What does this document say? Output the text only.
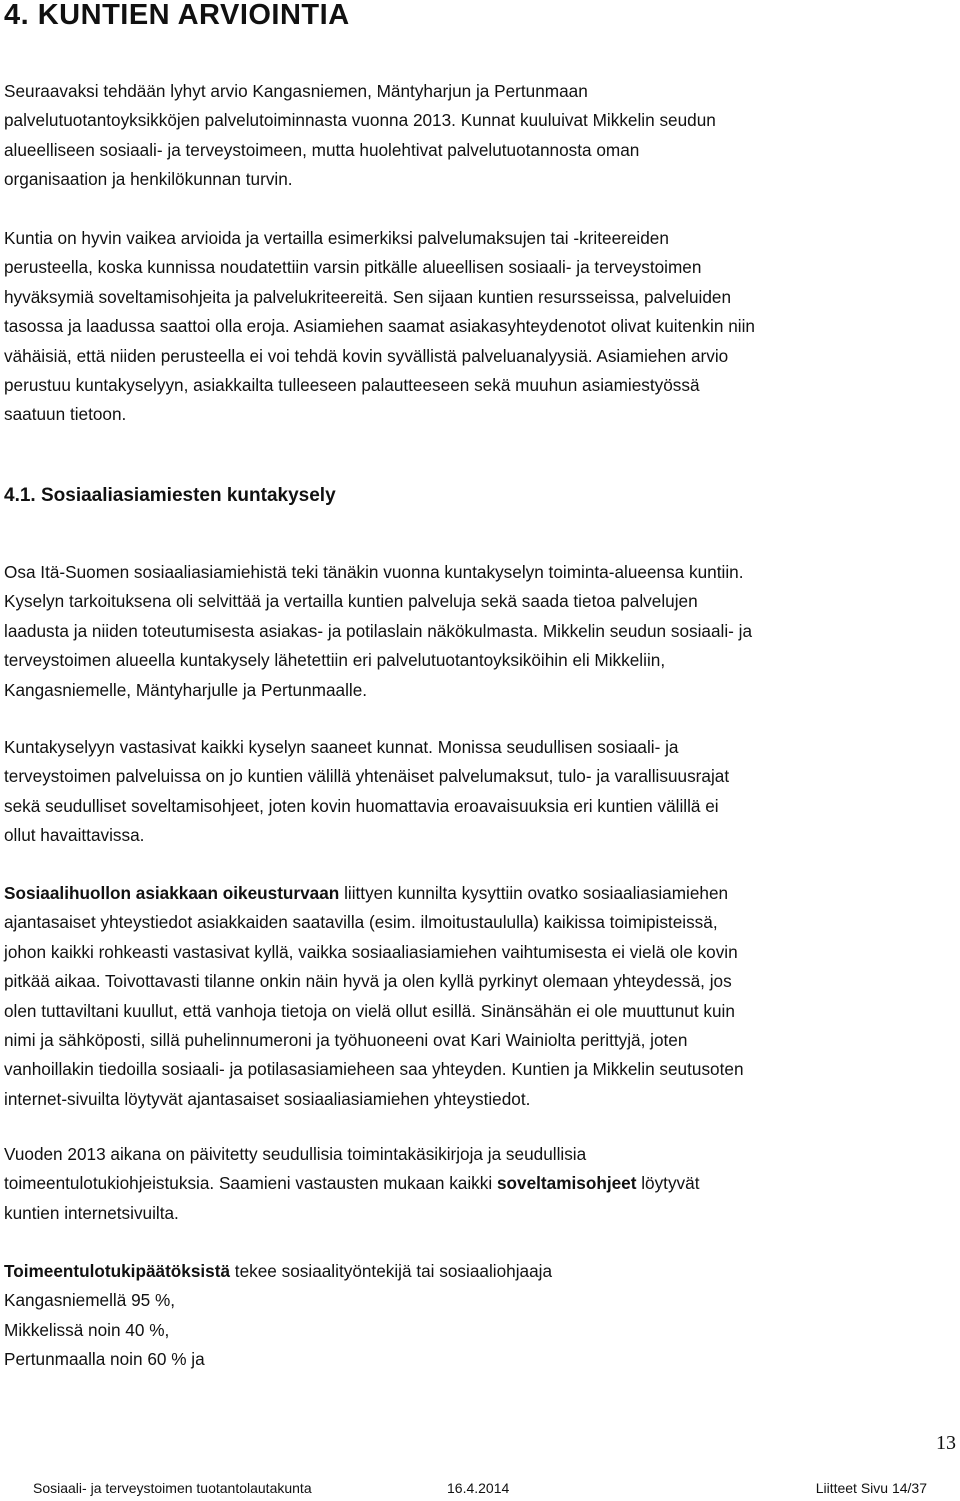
4. KUNTIEN ARVIOINTIA
Seuraavaksi tehdään lyhyt arvio Kangasniemen, Mäntyharjun ja Pertunmaan
palvelutuotantoyksikköjen palvelutoiminnasta vuonna 2013. Kunnat kuuluivat Mikkelin seudun
alueelliseen sosiaali- ja terveystoimeen, mutta huolehtivat palvelutuotannosta oman
organisaation ja henkilökunnan turvin.
Kuntia on hyvin vaikea arvioida ja vertailla esimerkiksi palvelumaksujen tai -kriteereiden
perusteella, koska kunnissa noudatettiin varsin pitkälle alueellisen sosiaali- ja terveystoimen
hyväksymiä soveltamisohjeita ja palvelukriteereitä. Sen sijaan kuntien resursseissa, palveluiden
tasossa ja laadussa saattoi olla eroja. Asiamiehen saamat asiakasyhteydenotot olivat kuitenkin niin
vähäisiä, että niiden perusteella ei voi tehdä kovin syvällistä palveluanalyysiä. Asiamiehen arvio
perustuu kuntakyselyyn, asiakkailta tulleeseen palautteeseen sekä muuhun asiamiestyössä
saatuun tietoon.
4.1. Sosiaaliasiamiesten kuntakysely
Osa Itä-Suomen sosiaaliasiamiehistä teki tänäkin vuonna kuntakyselyn toiminta-alueensa kuntiin.
Kyselyn tarkoituksena oli selvittää ja vertailla kuntien palveluja sekä saada tietoa palvelujen
laadusta ja niiden toteutumisesta asiakas- ja potilaslain näkökulmasta. Mikkelin seudun sosiaali- ja
terveystoimen alueella kuntakysely lähetettiin eri palvelutuotantoyksiköihin eli Mikkeliin,
Kangasniemelle, Mäntyharjulle ja Pertunmaalle.
Kuntakyselyyn vastasivat kaikki kyselyn saaneet kunnat. Monissa seudullisen sosiaali- ja
terveystoimen palveluissa on jo kuntien välillä yhtenäiset palvelumaksut, tulo- ja varallisuusrajat
sekä seudulliset soveltamisohjeet, joten kovin huomattavia eroavaisuuksia eri kuntien välillä ei
ollut havaittavissa.
Sosiaalihuollon asiakkaan oikeusturvaan liittyen kunnilta kysyttiin ovatko sosiaaliasiamiehen
ajantasaiset yhteystiedot asiakkaiden saatavilla (esim. ilmoitustaululla) kaikissa toimipisteissä,
johon kaikki rohkeasti vastasivat kyllä, vaikka sosiaaliasiamiehen vaihtumisesta ei vielä ole kovin
pitkää aikaa. Toivottavasti tilanne onkin näin hyvä ja olen kyllä pyrkinyt olemaan yhteydessä, jos
olen tuttaviltani kuullut, että vanhoja tietoja on vielä ollut esillä. Sinänsähän ei ole muuttunut kuin
nimi ja sähköposti, sillä puhelinnumeroni ja työhuoneeni ovat Kari Wainiolta perittyjä, joten
vanhoillakin tiedoilla sosiaali- ja potilasasiamieheen saa yhteyden. Kuntien ja Mikkelin seutusoten
internet-sivuilta löytyvät ajantasaiset sosiaaliasiamiehen yhteystiedot.
Vuoden 2013 aikana on päivitetty seudullisia toimintakäsikirjoja ja seudullisia
toimeentulotukiohjeistuksia. Saamieni vastausten mukaan kaikki soveltamisohjeet löytyvät
kuntien internetsivuilta.
Toimeentulotukipäätöksistä tekee sosiaalityöntekijä tai sosiaaliohjaaja
Kangasniemellä 95 %,
Mikkelissä noin 40 %,
Pertunmaalla noin 60 % ja
13
Sosiaali- ja terveystoimen tuotantolautakunta	16.4.2014	Liitteet Sivu 14/37
